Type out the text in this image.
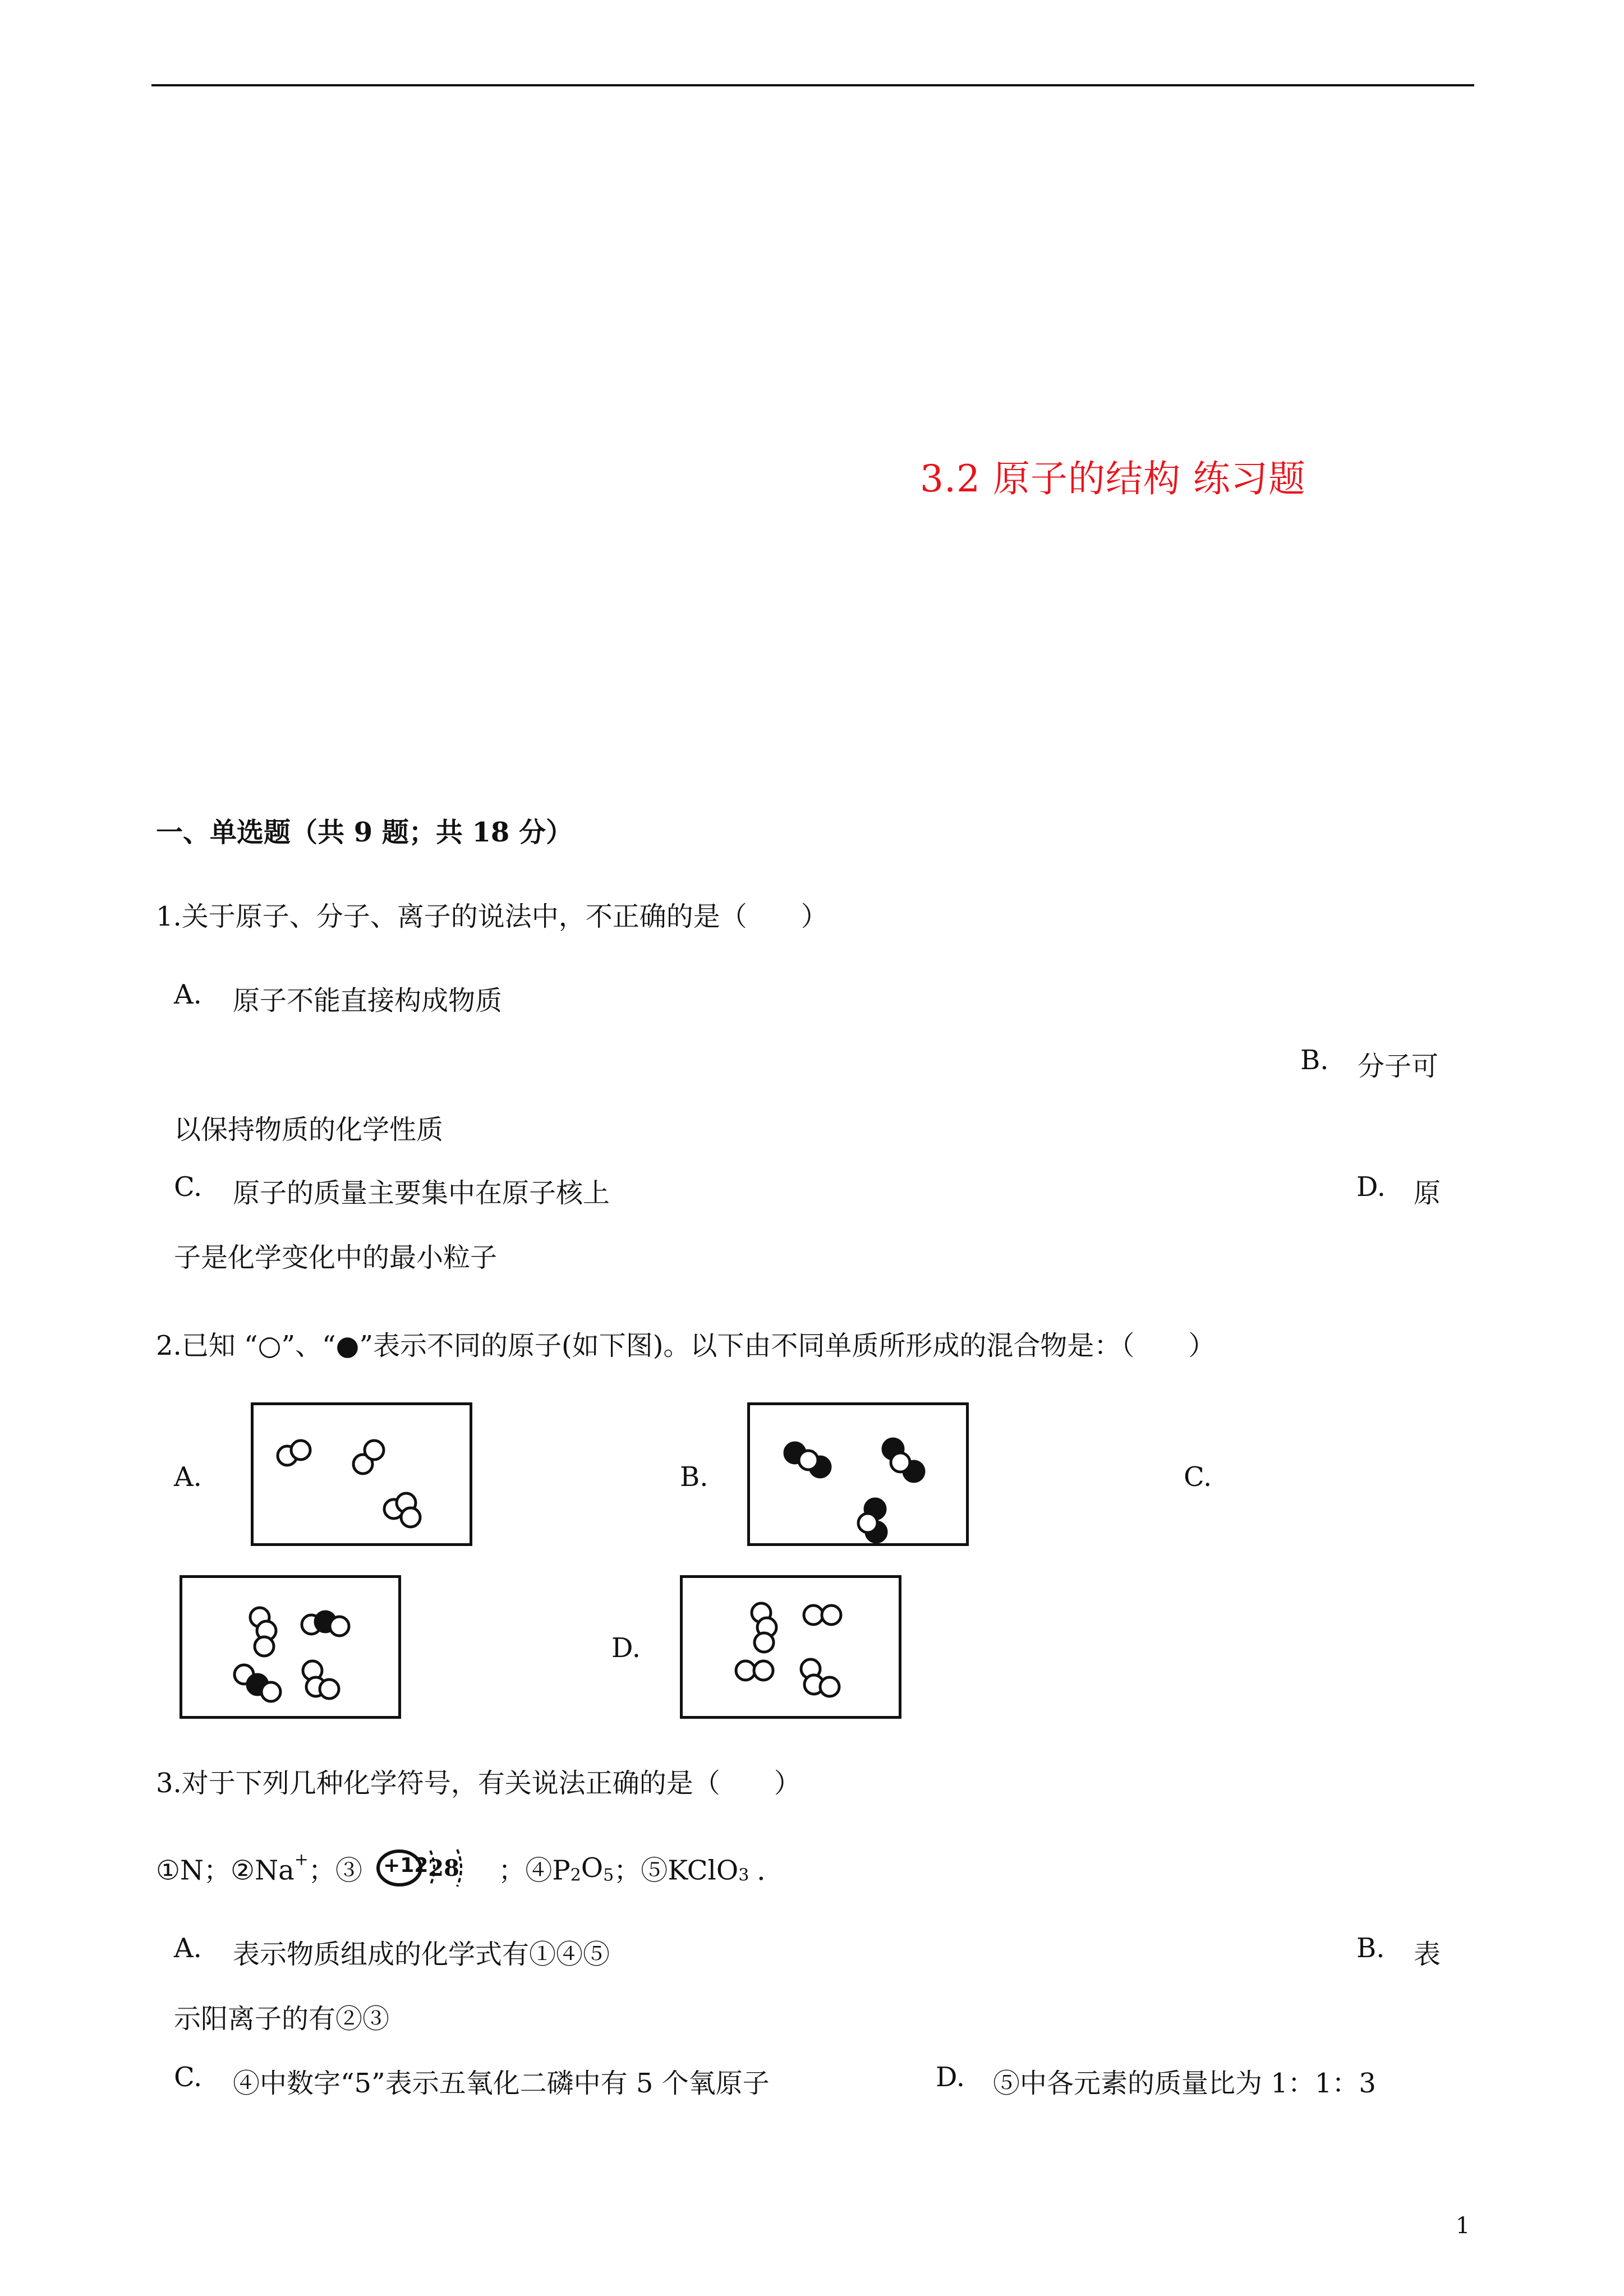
3.2 原子的结构 练习题
一、单选题（共 9 题；共 18 分）
1.关于原子、分子、离子的说法中，不正确的是（　　）
A. 原子不能直接构成物质
B. 分子可
以保持物质的化学性质
C. 原子的质量主要集中在原子核上	D. 原
子是化学变化中的最小粒子
2.已知 “○”、“●”表示不同的原子(如下图)。以下由不同单质所形成的混合物是：（　　）
A.	B.	C.
D.
3.对于下列几种化学符号，有关说法正确的是（　　）
①N；②Na+；③ +12 2 8 ；$④P_2O_5$；⑤KClO$_3$ ．
A. 表示物质组成的化学式有①④⑤	B. 表
示阳离子的有②③
C. ④中数字“5”表示五氧化二磷中有 5 个氧原子	D. ⑤中各元素的质量比为 1：1：3
1
